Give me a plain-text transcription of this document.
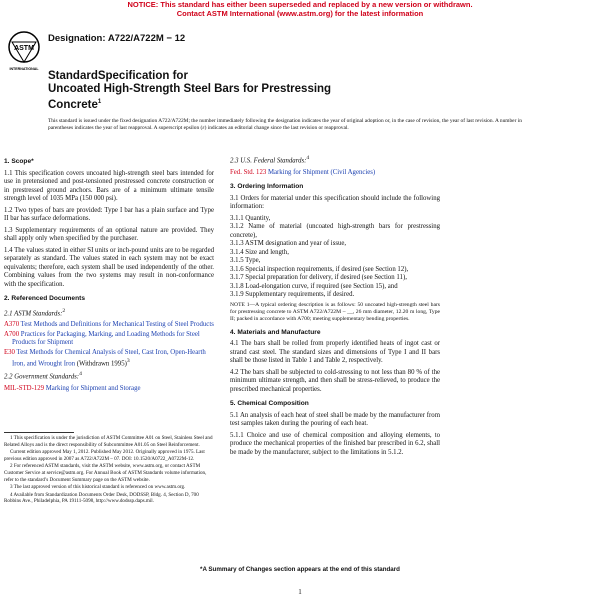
NOTICE: This standard has either been superseded and replaced by a new version or withdrawn.
Contact ASTM International (www.astm.org) for the latest information
ASTM
INTERNATIONAL
Designation: A722/A722M − 12
StandardSpecification for
Uncoated High-Strength Steel Bars for Prestressing
Concrete$^1$
This standard is issued under the fixed designation A722/A722M; the number immediately following the designation indicates the year of original adoption or, in the case of revision, the year of last revision. A number in parentheses indicates the year of last reapproval. A superscript epsilon (ε) indicates an editorial change since the last revision or reapproval.
1. Scope*

1.1 This specification covers uncoated high-strength steel bars intended for use in pretensioned and post-tensioned prestressed concrete construction or in prestressed ground anchors. Bars are of a minimum ultimate tensile strength level of 1035 MPa (150 000 psi).

1.2 Two types of bars are provided: Type I bar has a plain surface and Type II bar has surface deformations.

1.3 Supplementary requirements of an optional nature are provided. They shall apply only when specified by the purchaser.

1.4 The values stated in either SI units or inch-pound units are to be regarded separately as standard. The values stated in each system may not be exact equivalents; therefore, each system shall be used independently of the other. Combining values from the two systems may result in non-conformance with the specification.

2. Referenced Documents

2.1 ASTM Standards:$^2$

A370 Test Methods and Definitions for Mechanical Testing of Steel Products

A700 Practices for Packaging, Marking, and Loading Methods for Steel Products for Shipment

E30 Test Methods for Chemical Analysis of Steel, Cast Iron, Open-Hearth Iron, and Wrought Iron (Withdrawn 1995)$^3$

2.2 Government Standards:$^4$

MIL-STD-129 Marking for Shipment and Storage

1 This specification is under the jurisdiction of ASTM Committee A01 on Steel, Stainless Steel and Related Alloys and is the direct responsibility of Subcommittee A01.05 on Steel Reinforcement.

Current edition approved May 1, 2012. Published May 2012. Originally approved in 1975. Last previous edition approved in 2007 as A722/A722M – 07. DOI: 10.1520/A0722_A0722M-12.

2 For referenced ASTM standards, visit the ASTM website, www.astm.org, or contact ASTM Customer Service at service@astm.org. For Annual Book of ASTM Standards volume information, refer to the standard’s Document Summary page on the ASTM website.

3 The last approved version of this historical standard is referenced on www.astm.org.

4 Available from Standardization Documents Order Desk, DODSSP, Bldg. 4, Section D, 700 Robbins Ave., Philadelphia, PA 19111-5098, http://www.dodssp.daps.mil.

2.3 U.S. Federal Standards:$^4$

Fed. Std. 123 Marking for Shipment (Civil Agencies)

3. Ordering Information

3.1 Orders for material under this specification should include the following information:

3.1.1 Quantity,

3.1.2 Name of material (uncoated high-strength bars for prestressing concrete),

3.1.3 ASTM designation and year of issue,

3.1.4 Size and length,

3.1.5 Type,

3.1.6 Special inspection requirements, if desired (see Section 12),

3.1.7 Special preparation for delivery, if desired (see Section 11),

3.1.8 Load-elongation curve, if required (see Section 15), and

3.1.9 Supplementary requirements, if desired.

NOTE 1—A typical ordering description is as follows: 50 uncoated high-strength steel bars for prestressing concrete to ASTM A722/A722M – __, 26 mm diameter, 12.20 m long, Type II; packed in accordance with A700; meeting supplementary bending properties.

4. Materials and Manufacture

4.1 The bars shall be rolled from properly identified heats of ingot cast or strand cast steel. The standard sizes and dimensions of Type I and II bars shall be those listed in Table 1 and Table 2, respectively.

4.2 The bars shall be subjected to cold-stressing to not less than 80 % of the minimum ultimate strength, and then shall be stress-relieved, to produce the prescribed mechanical properties.

5. Chemical Composition

5.1 An analysis of each heat of steel shall be made by the manufacturer from test samples taken during the pouring of each heat.

5.1.1 Choice and use of chemical composition and alloying elements, to produce the mechanical properties of the finished bar prescribed in 6.2, shall be made by the manufacturer, subject to the limitations in 5.1.2.

*A Summary of Changes section appears at the end of this standard
1
